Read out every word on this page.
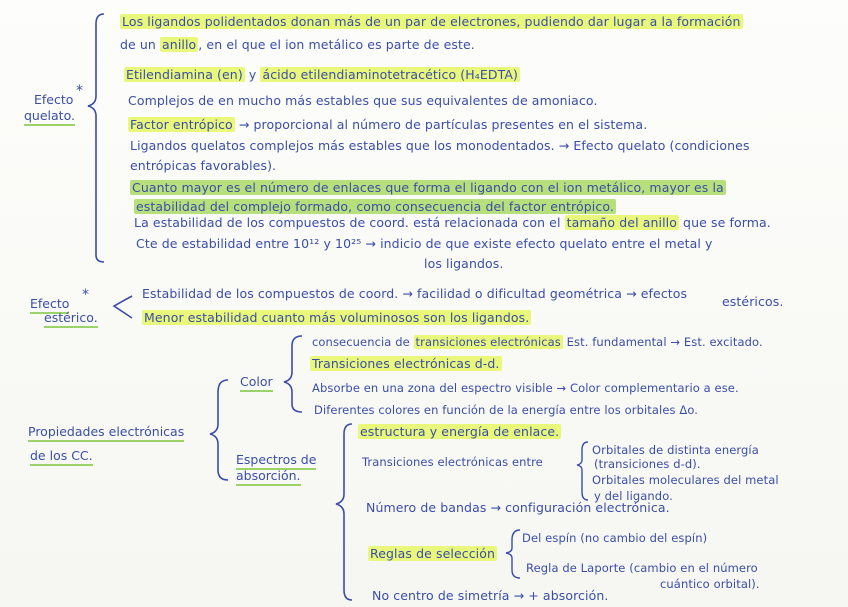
Efecto
*
quelato.
Efecto
*
estérico.
Propiedades electrónicas
de los CC.
Color
Espectros de
absorción.
Los ligandos polidentados donan más de un par de electrones, pudiendo dar lugar a la formación
de un anillo , en el que el ion metálico es parte de este.
Etilendiamina (en) y ácido etilendiaminotetracético (H₄EDTA)
Complejos de en mucho más estables que sus equivalentes de amoniaco.
Factor entrópico → proporcional al número de partículas presentes en el sistema.
Ligandos quelatos complejos más estables que los monodentados. → Efecto quelato (condiciones
entrópicas favorables).
Cuanto mayor es el número de enlaces que forma el ligando con el ion metálico, mayor es la
estabilidad del complejo formado, como consecuencia del factor entrópico.
La estabilidad de los compuestos de coord. está relacionada con el tamaño del anillo que se forma.
Cte de estabilidad entre 10¹² y 10²⁵ → indicio de que existe efecto quelato entre el metal y
los ligandos.
Estabilidad de los compuestos de coord. → facilidad o dificultad geométrica → efectos
estéricos.
Menor estabilidad cuanto más voluminosos son los ligandos.
consecuencia de transiciones electrónicas Est. fundamental → Est. excitado.
Transiciones electrónicas d-d.
Absorbe en una zona del espectro visible → Color complementario a ese.
Diferentes colores en función de la energía entre los orbitales Δo.
estructura y energía de enlace.
Transiciones electrónicas entre
Orbitales de distinta energía
(transiciones d-d).
Orbitales moleculares del metal
y del ligando.
Número de bandas → configuración electrónica.
Reglas de selección
Del espín (no cambio del espín)
Regla de Laporte (cambio en el número
cuántico orbital).
No centro de simetría → + absorción.
